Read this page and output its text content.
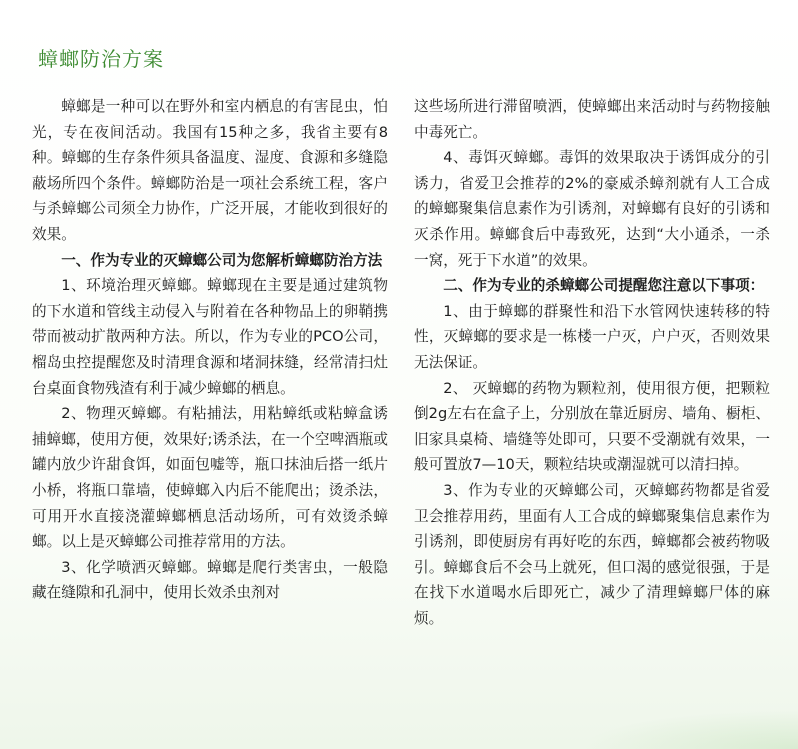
蟑螂防治方案

蟑螂是一种可以在野外和室内栖息的有害昆虫，怕光，专在夜间活动。我国有15种之多，我省主要有8种。蟑螂的生存条件须具备温度、湿度、食源和多缝隐蔽场所四个条件。蟑螂防治是一项社会系统工程，客户与杀蟑螂公司须全力协作，广泛开展，才能收到很好的效果。

一、作为专业的灭蟑螂公司为您解析蟑螂防治方法

1、环境治理灭蟑螂。蟑螂现在主要是通过建筑物的下水道和管线主动侵入与附着在各种物品上的卵鞘携带而被动扩散两种方法。所以，作为专业的PCO公司，榴岛虫控提醒您及时清理食源和堵洞抹缝，经常清扫灶台桌面食物残渣有利于减少蟑螂的栖息。

2、物理灭蟑螂。有粘捕法，用粘蟑纸或粘蟑盒诱捕蟑螂，使用方便，效果好;诱杀法，在一个空啤酒瓶或罐内放少许甜食饵，如面包嘘等，瓶口抹油后搭一纸片小桥，将瓶口靠墙，使蟑螂入内后不能爬出；烫杀法，可用开水直接浇灌蟑螂栖息活动场所，可有效烫杀蟑螂。以上是灭蟑螂公司推荐常用的方法。

3、化学喷洒灭蟑螂。蟑螂是爬行类害虫，一般隐藏在缝隙和孔洞中，使用长效杀虫剂对

这些场所进行滞留喷洒，使蟑螂出来活动时与药物接触中毒死亡。

4、毒饵灭蟑螂。毒饵的效果取决于诱饵成分的引诱力，省爱卫会推荐的2%的豪威杀蟑剂就有人工合成的蟑螂聚集信息素作为引诱剂，对蟑螂有良好的引诱和灭杀作用。蟑螂食后中毒致死，达到“大小通杀，一杀一窝，死于下水道”的效果。

二、作为专业的杀蟑螂公司提醒您注意以下事项：

1、由于蟑螂的群聚性和沿下水管网快速转移的特性，灭蟑螂的要求是一栋楼一户灭，户户灭，否则效果无法保证。

2、 灭蟑螂的药物为颗粒剂，使用很方便，把颗粒倒2g左右在盒子上，分别放在靠近厨房、墙角、橱柜、旧家具桌椅、墙缝等处即可，只要不受潮就有效果，一般可置放7—10天，颗粒结块或潮湿就可以清扫掉。

3、作为专业的灭蟑螂公司，灭蟑螂药物都是省爱卫会推荐用药，里面有人工合成的蟑螂聚集信息素作为引诱剂，即使厨房有再好吃的东西，蟑螂都会被药物吸引。蟑螂食后不会马上就死，但口渴的感觉很强，于是在找下水道喝水后即死亡，减少了清理蟑螂尸体的麻烦。
